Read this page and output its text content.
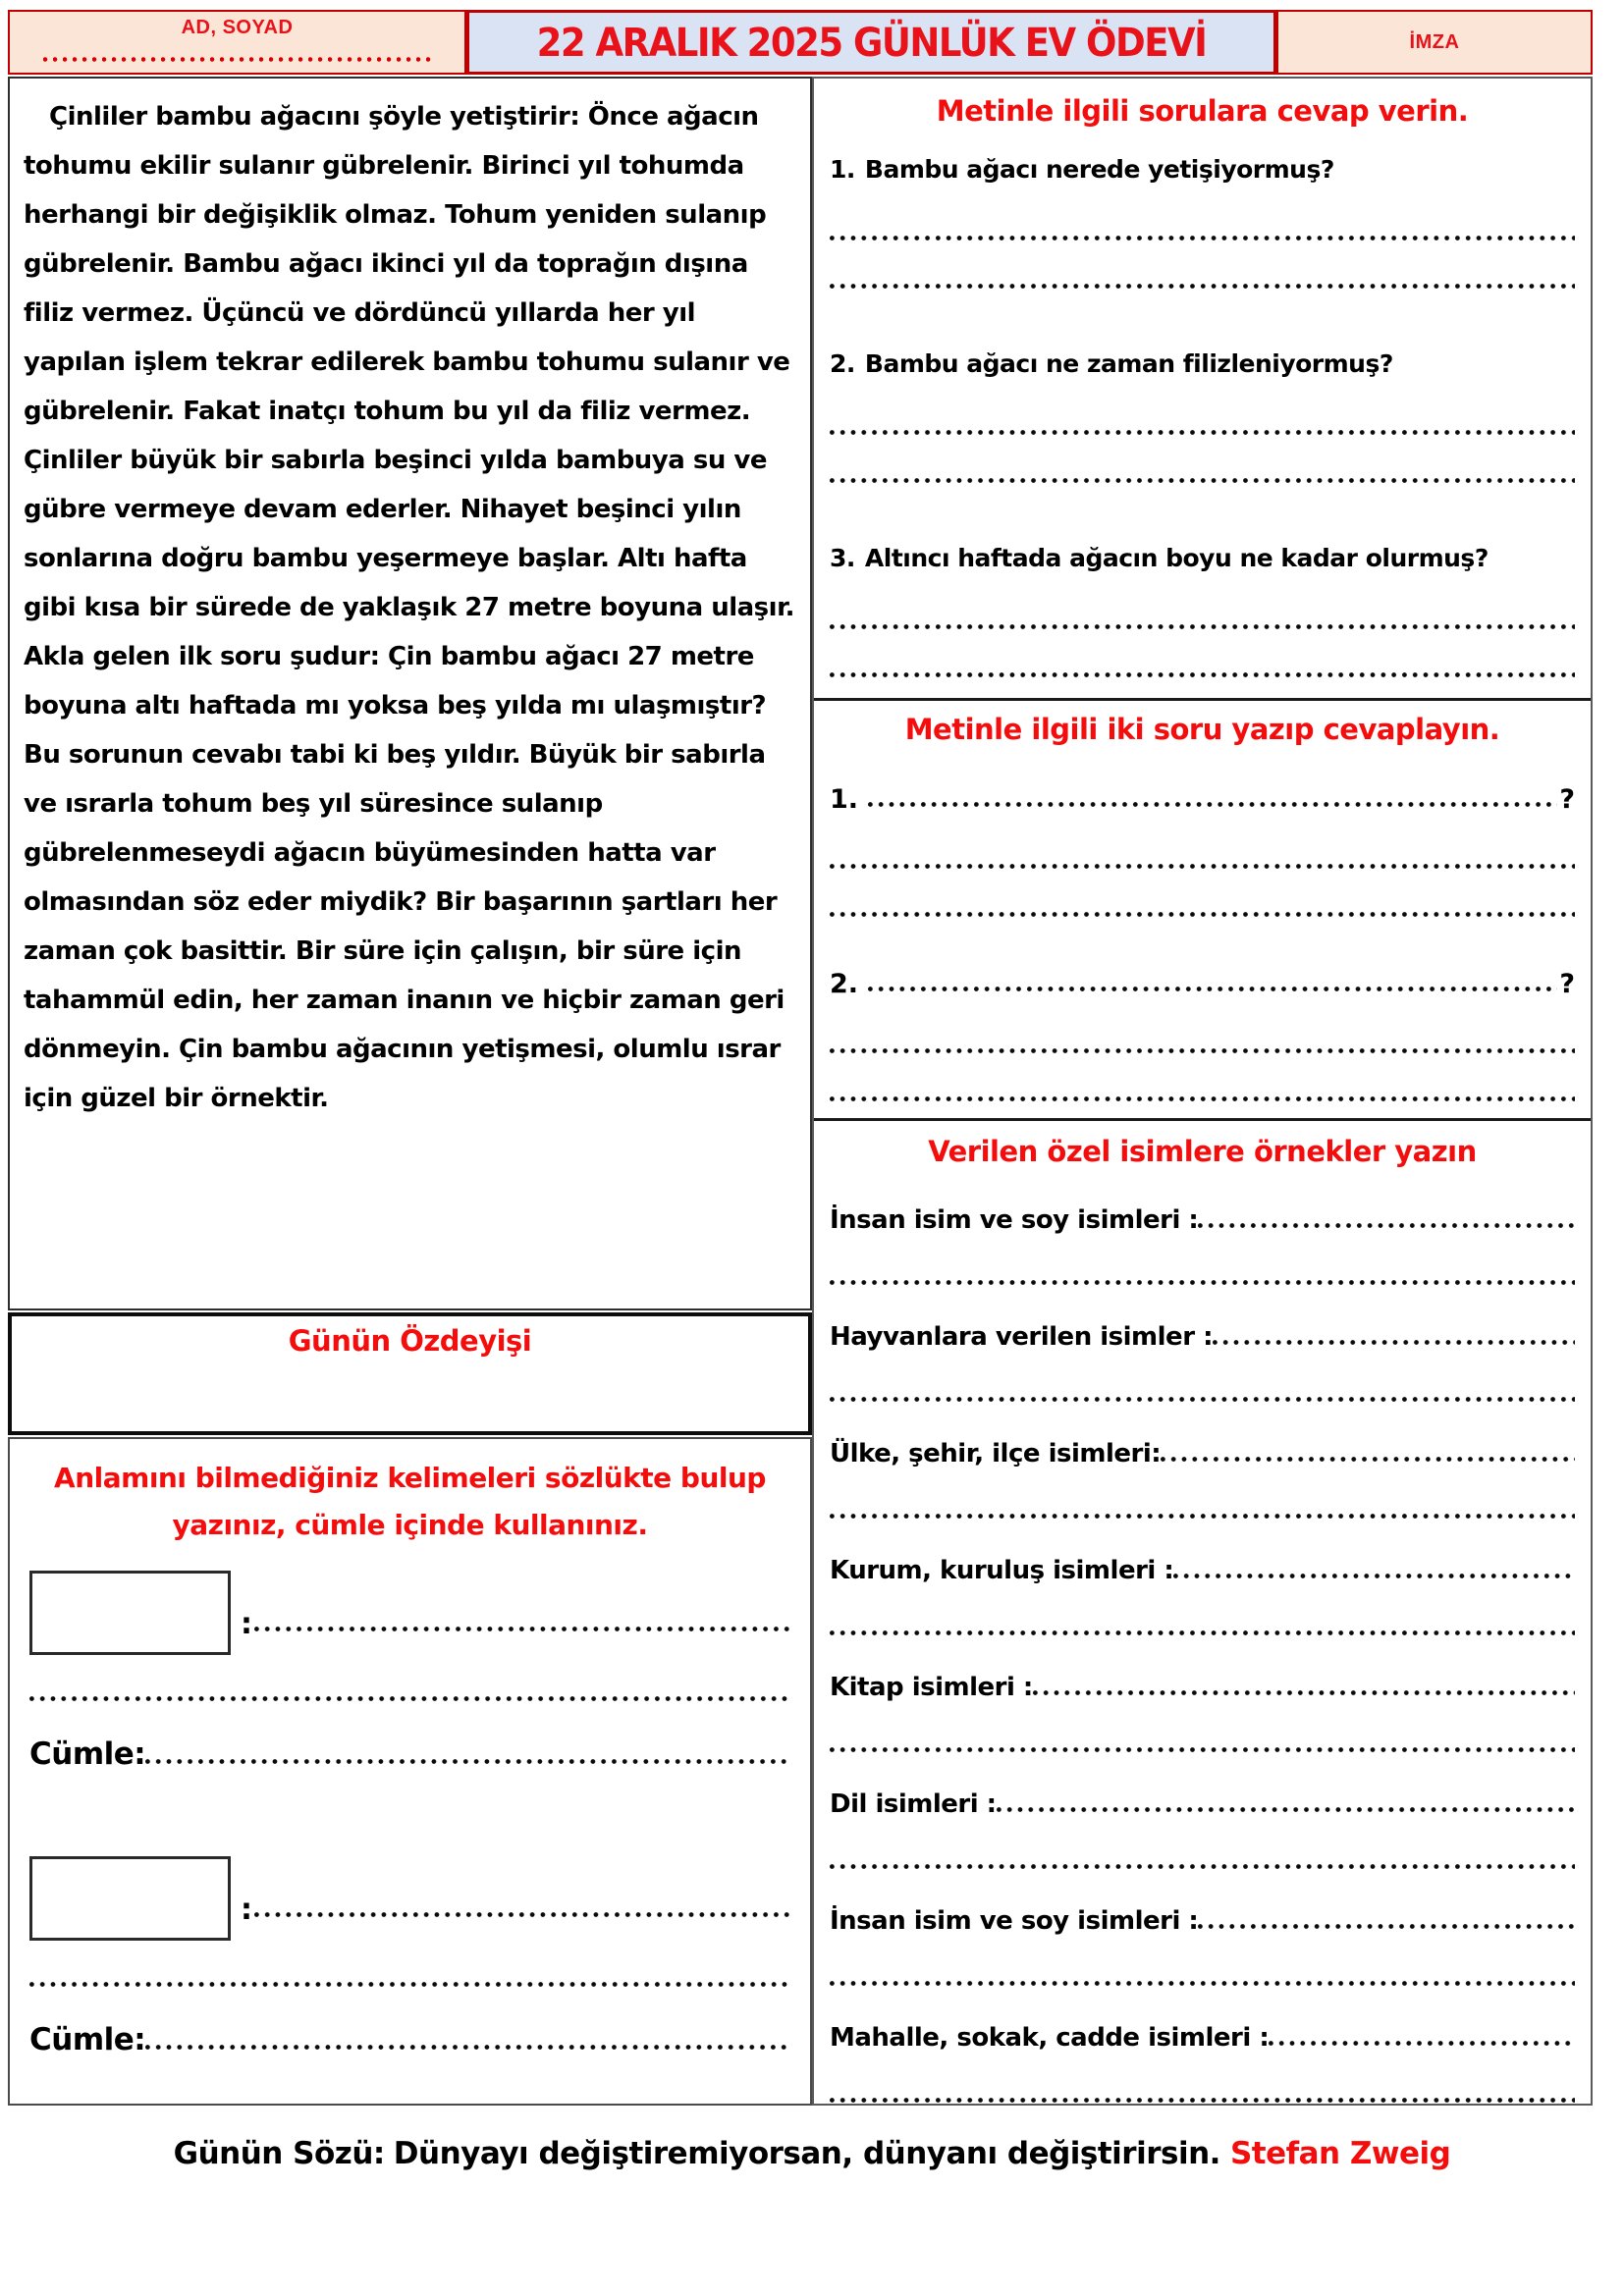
AD, SOYAD	22 ARALIK 2025 GÜNLÜK EV ÖDEVİ	İMZA

Çinliler bambu ağacını şöyle yetiştirir: Önce ağacın tohumu ekilir sulanır gübrelenir. Birinci yıl tohumda herhangi bir değişiklik olmaz. Tohum yeniden sulanıp gübrelenir. Bambu ağacı ikinci yıl da toprağın dışına filiz vermez. Üçüncü ve dördüncü yıllarda her yıl yapılan işlem tekrar edilerek bambu tohumu sulanır ve gübrelenir. Fakat inatçı tohum bu yıl da filiz vermez. Çinliler büyük bir sabırla beşinci yılda bambuya su ve gübre vermeye devam ederler. Nihayet beşinci yılın sonlarına doğru bambu yeşermeye başlar. Altı hafta gibi kısa bir sürede de yaklaşık 27 metre boyuna ulaşır. Akla gelen ilk soru şudur: Çin bambu ağacı 27 metre boyuna altı haftada mı yoksa beş yılda mı ulaşmıştır? Bu sorunun cevabı tabi ki beş yıldır. Büyük bir sabırla ve ısrarla tohum beş yıl süresince sulanıp gübrelenmeseydi ağacın büyümesinden hatta var olmasından söz eder miydik? Bir başarının şartları her zaman çok basittir. Bir süre için çalışın, bir süre için tahammül edin, her zaman inanın ve hiçbir zaman geri dönmeyin. Çin bambu ağacının yetişmesi, olumlu ısrar için güzel bir örnektir.

Günün Özdeyişi
Anlamını bilmediğiniz kelimeleri sözlükte bulup yazınız, cümle içinde kullanınız.
:
Cümle:
:
Cümle:
Metinle ilgili sorulara cevap verin.
1. Bambu ağacı nerede yetişiyormuş?
2. Bambu ağacı ne zaman filizleniyormuş?
3. Altıncı haftada ağacın boyu ne kadar olurmuş?
Metinle ilgili iki soru yazıp cevaplayın.
1.	?
2.	?
Verilen özel isimlere örnekler yazın
İnsan isim ve soy isimleri :
Hayvanlara verilen isimler :
Ülke, şehir, ilçe isimleri:
Kurum, kuruluş isimleri :
Kitap isimleri :
Dil isimleri :
İnsan isim ve soy isimleri :
Mahalle, sokak, cadde isimleri :
Günün Sözü: Dünyayı değiştiremiyorsan, dünyanı değiştirirsin. Stefan Zweig
